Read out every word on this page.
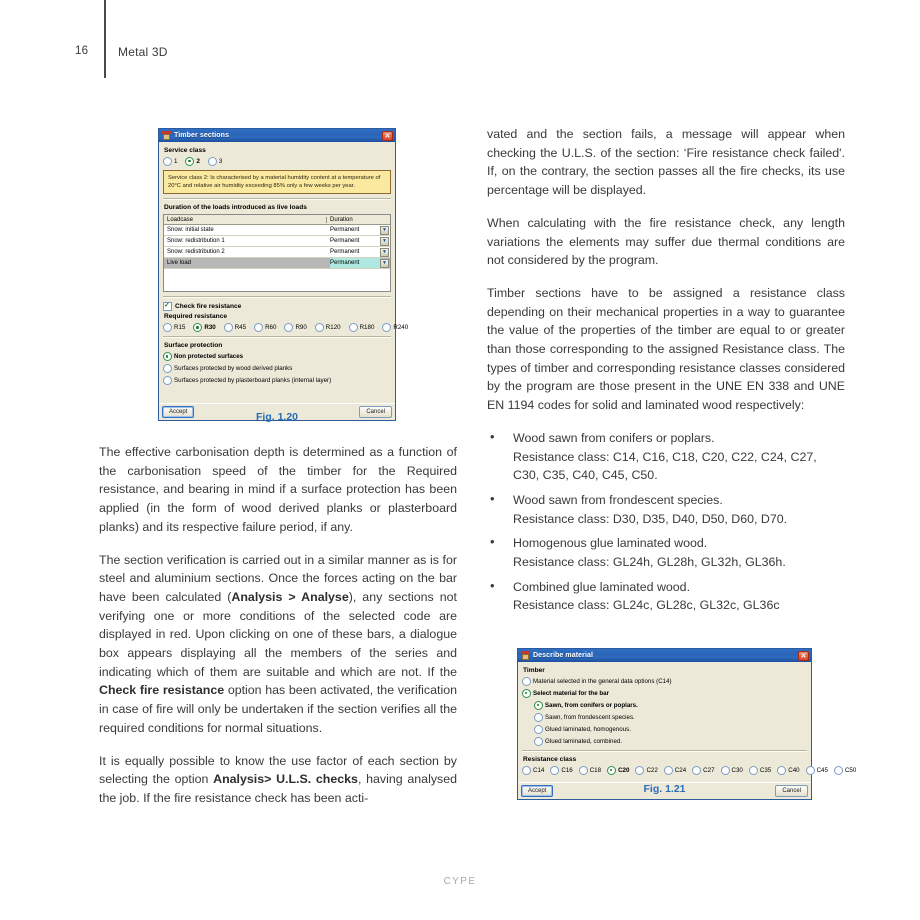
16 Metal 3D
Timber sections	✕
Service class
1	2	3
Service class 2: Is characterised by a material humidity content at a temperature of 20°C and relative air humidity exceeding 85% only a few weeks per year.
Duration of the loads introduced as live loads
Loadcase	Duration
Snow: initial state	Permanent	▼
Snow: redistribution 1	Permanent	▼
Snow: redistribution 2	Permanent	▼
Live load	Permanent	▼
✓
Check fire resistance
Required resistance
R15	R30	R45	R60	R90	R120	R180	R240
Surface protection
Non protected surfaces
Surfaces protected by wood derived planks
Surfaces protected by plasterboard planks (internal layer)
Accept	Cancel
Fig. 1.20
Describe material	✕
Timber
Material selected in the general data options (C14)
Select material for the bar
Sawn, from conifers or poplars.
Sawn, from frondescent species.
Glued laminated, homogenous.
Glued laminated, combined.
Resistance class
C14	C16	C18	C20	C22	C24	C27	C30	C35	C40	C45	C50
Accept	Cancel
Fig. 1.21

The effective carbonisation depth is determined as a function of the carbonisation speed of the timber for the Required resistance, and bearing in mind if a surface protection has been applied (in the form of wood derived planks or plasterboard planks) and its respective failure period, if any.

The section verification is carried out in a similar manner as is for steel and aluminium sections. Once the forces acting on the bar have been calculated (Analysis > Analyse), any sections not verifying one or more conditions of the selected code are displayed in red. Upon clicking on one of these bars, a dialogue box appears displaying all the members of the series and indicating which of them are suitable and which are not. If the Check fire resistance option has been activated, the verification in case of fire will only be undertaken if the section verifies all the required conditions for normal situations.

It is equally possible to know the use factor of each section by selecting the option Analysis> U.L.S. checks, having analysed the job. If the fire resistance check has been acti-

vated and the section fails, a message will appear when checking the U.L.S. of the section: ‘Fire resistance check failed'. If, on the contrary, the section passes all the fire checks, its use percentage will be displayed.

When calculating with the fire resistance check, any length variations the elements may suffer due thermal conditions are not considered by the program.

Timber sections have to be assigned a resistance class depending on their mechanical properties in a way to guarantee the value of the properties of the timber are equal to or greater than those corresponding to the assigned Resistance class. The types of timber and corresponding resistance classes considered by the program are those present in the UNE EN 338 and UNE EN 1194 codes for solid and laminated wood respectively:

• Wood sawn from conifers or poplars.
Resistance class: C14, C16, C18, C20, C22, C24, C27, C30, C35, C40, C45, C50.
• Wood sawn from frondescent species.
Resistance class: D30, D35, D40, D50, D60, D70.
• Homogenous glue laminated wood.
Resistance class: GL24h, GL28h, GL32h, GL36h.
• Combined glue laminated wood.
Resistance class: GL24c, GL28c, GL32c, GL36c
CYPE
